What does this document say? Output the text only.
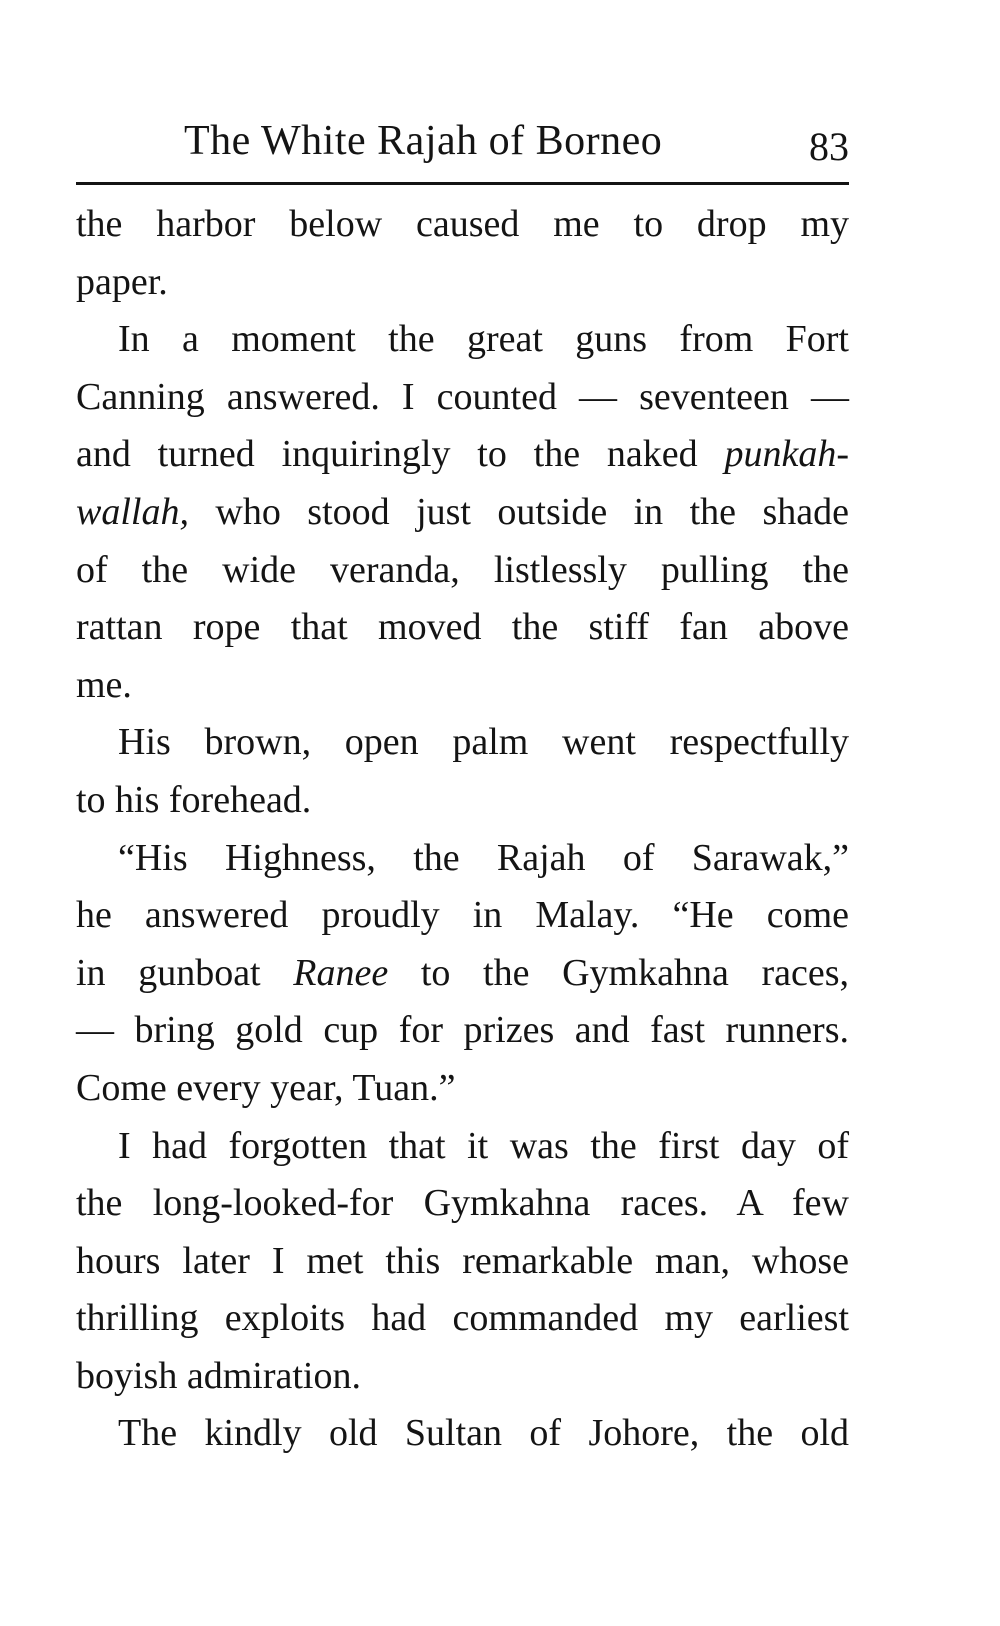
The White Rajah of Borneo	83
the harbor below caused me to drop my
paper.
In a moment the great guns from Fort
Canning answered. I counted — seventeen —
and turned inquiringly to the naked punkah-
wallah, who stood just outside in the shade
of the wide veranda, listlessly pulling the
rattan rope that moved the stiff fan above
me.
His brown, open palm went respectfully
to his forehead.
“His Highness, the Rajah of Sarawak,”
he answered proudly in Malay. “He come
in gunboat Ranee to the Gymkahna races,
— bring gold cup for prizes and fast runners.
Come every year, Tuan.”
I had forgotten that it was the first day of
the long-looked-for Gymkahna races. A few
hours later I met this remarkable man, whose
thrilling exploits had commanded my earliest
boyish admiration.
The kindly old Sultan of Johore, the old
